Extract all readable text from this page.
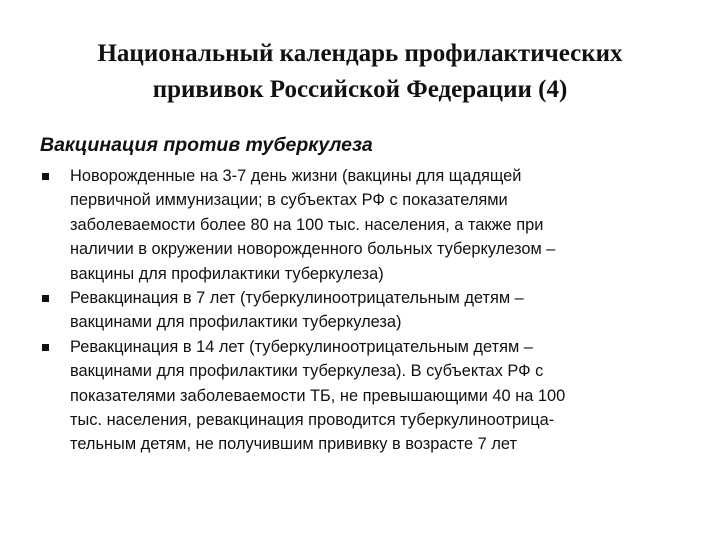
Национальный календарь профилактических
прививок Российской Федерации (4)
Вакцинация против туберкулеза
Новорожденные на 3-7 день жизни (вакцины для щадящей
первичной иммунизации; в субъектах РФ с показателями
заболеваемости более 80 на 100 тыс. населения, а также при
наличии в окружении новорожденного больных туберкулезом –
вакцины для профилактики туберкулеза)
Ревакцинация в 7 лет (туберкулиноотрицательным детям –
вакцинами для профилактики туберкулеза)
Ревакцинация в 14 лет (туберкулиноотрицательным детям –
вакцинами для профилактики туберкулеза). В субъектах РФ с
показателями заболеваемости ТБ, не превышающими 40 на 100
тыс. населения, ревакцинация проводится туберкулиноотрица-
тельным детям, не получившим прививку в возрасте 7 лет
